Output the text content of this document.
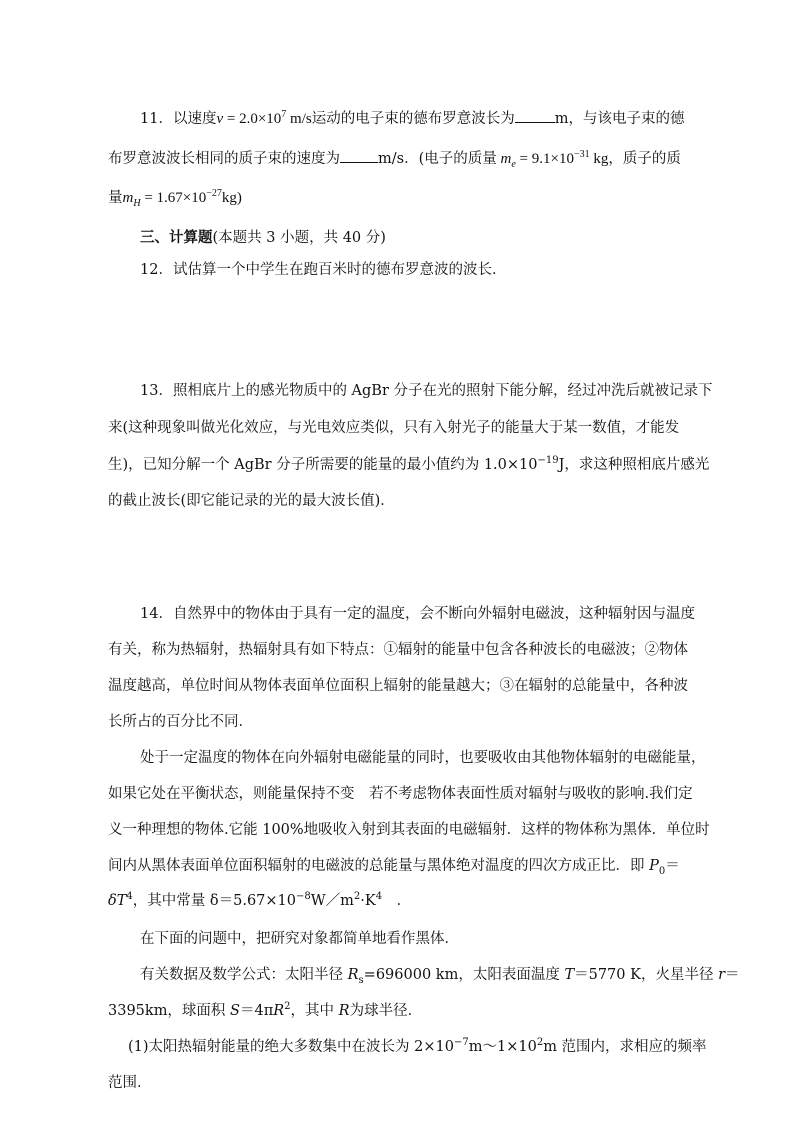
11．以速度$v = 2.0\times 10^7$ m/s运动的电子束的德布罗意波长为	m，与该电子束的德
布罗意波波长相同的质子束的速度为	m/s．(电子的质量 $m_e = 9.1\times 10^{-31}$ kg，质子的质
量$m_H = 1.67\times 10^{-27}kg$)
三、计算题(本题共 3 小题，共 40 分)
12．试估算一个中学生在跑百米时的德布罗意波的波长．
13．照相底片上的感光物质中的 AgBr 分子在光的照射下能分解，经过冲洗后就被记录下
来(这种现象叫做光化效应，与光电效应类似，只有入射光子的能量大于某一数值，才能发
生)，已知分解一个 AgBr 分子所需要的能量的最小值约为 $1.0\times 10^{-19}J$，求这种照相底片感光
的截止波长(即它能记录的光的最大波长值)．
14．自然界中的物体由于具有一定的温度，会不断向外辐射电磁波，这种辐射因与温度
有关，称为热辐射，热辐射具有如下特点：①辐射的能量中包含各种波长的电磁波；②物体
温度越高，单位时间从物体表面单位面积上辐射的能量越大；③在辐射的总能量中，各种波
长所占的百分比不同．
处于一定温度的物体在向外辐射电磁能量的同时，也要吸收由其他物体辐射的电磁能量，
如果它处在平衡状态，则能量保持不变　若不考虑物体表面性质对辐射与吸收的影响.我们定
义一种理想的物体.它能 100%地吸收入射到其表面的电磁辐射．这样的物体称为黑体．单位时
间内从黑体表面单位面积辐射的电磁波的总能量与黑体绝对温度的四次方成正比．即 $P_0=$
$\delta T^4$，其中常量 $\delta=5.67\times 10^{-8}W/m^2\cdot K^4$　．
在下面的问题中，把研究对象都简单地看作黑体．
有关数据及数学公式：太阳半径 $R_s=696000$ km，太阳表面温度 T＝5770 K，火星半径 r＝
3395km，球面积 $S=4\pi R^2$，其中 R为球半径．
(1)太阳热辐射能量的绝大多数集中在波长为 $2\times 10^{-7}m\sim 1\times 10^2m$ 范围内，求相应的频率
范围．
